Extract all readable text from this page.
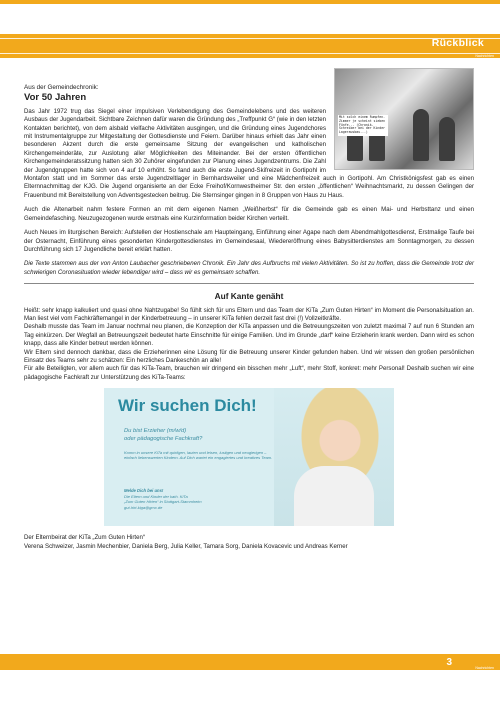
Rückblick
Nachrichten
Mit solch einem Rumpfen-Zimmer je scheint sieben Fünfe... (Chronik-Schreiber bei der Kinder Lagerausbau...)
Aus der Gemeindechronik:
Vor 50 Jahren

Das Jahr 1972 trug das Siegel einer impulsiven Verlebendigung des Gemeindelebens und des weiteren Ausbaus der Jugendarbeit. Sichtbare Zeichnen dafür waren die Gründung des „Treffpunkt G“ (wie in den letzten Kontakten berichtet), von dem alsbald vielfache Aktivitäten ausgingen, und die Gründung eines Jugendchores mit Instrumentalgruppe zur Mitgestaltung der Gottesdienste und Feiern. Darüber hinaus erhielt das Jahr einen besonderen Akzent durch die erste gemeinsame Sitzung der evangelischen und katholischen Kirchengemeinderäte, zur Auslotung aller Möglichkeiten des Miteinander. Bei der ersten öffentlichen Kirchengemeinderatssitzung hatten sich 30 Zuhörer eingefunden zur Planung eines Jugendzentrums. Die Zahl der Jugendgruppen hatte sich von 4 auf 10 erhöht. So fand auch die erste Jugend-Skifreizeit in Gortipohl im Montafon statt und im Sommer das erste Jugendzeltlager in Bernhardsweiler und eine Mädchenfreizeit auch in Gortipohl. Am Christkönigsfest gab es einen Elternnachmittag der KJG. Die Jugend organisierte an der Ecke Freihof/Kornwestheimer Str. den ersten „öffentlichen“ Weihnachtsmarkt, zu dessen Gelingen der Frauenbund mit Bereitstellung von Adventsgestecken beitrug. Die Sternsinger gingen in 8 Gruppen von Haus zu Haus.

Auch die Altenarbeit nahm festere Formen an mit dem eigenen Namen „Weißherbst“ für die Gemeinde gab es einen Mai- und Herbsttanz und einen Gemeindefasching. Neuzugezogenen wurde erstmals eine Kurzinformation beider Kirchen verteilt.

Auch Neues im liturgischen Bereich: Aufstellen der Hostienschale am Haupteingang, Einführung einer Agape nach dem Abendmahlgottesdienst, Erstmalige Taufe bei der Osternacht, Einführung eines gesonderten Kindergottesdienstes im Gemeindesaal, Wiedereröffnung eines Babysitterdienstes am Sonntagmorgen, zu dessen Durchführung sich 17 Jugendliche bereit erklärt hatten.

Die Texte stammen aus der von Anton Laubacher geschriebenen Chronik. Ein Jahr des Aufbruchs mit vielen Aktivitäten. So ist zu hoffen, dass die Gemeinde trotz der schwierigen Coronasituation wieder lebendiger wird – dass wir es gemeinsam schaffen.

Auf Kante genäht

Heißt: sehr knapp kalkuliert und quasi ohne Nahtzugabe! So fühlt sich für uns Eltern und das Team der KiTa „Zum Guten Hirten“ im Moment die Personalsituation an. Man liest viel vom Fachkräftemangel in der Kinderbetreuung – in unserer KiTa fehlen derzeit fast drei (!) Vollzeitkräfte.

Deshalb musste das Team im Januar nochmal neu planen, die Konzeption der KiTa anpassen und die Betreuungszeiten von zuletzt maximal 7 auf nun 6 Stunden am Tag einkürzen. Der Wegfall an Betreuungszeit bedeutet harte Einschnitte für einige Familien. Und im Grunde „darf“ keine Erzieherin krank werden. Dann wird es schon knapp, dass alle Kinder betreut werden können.

Wir Eltern sind dennoch dankbar, dass die Erzieherinnen eine Lösung für die Betreuung unserer Kinder gefunden haben. Und wir wissen den großen persönlichen Einsatz des Teams sehr zu schätzen: Ein herzliches Dankeschön an alle!

Für alle Beteiligten, vor allem auch für das KiTa-Team, brauchen wir dringend ein bisschen mehr „Luft“, mehr Stoff, konkret: mehr Personal! Deshalb suchen wir eine pädagogische Fachkraft zur Unterstützung des KiTa-Teams:

Wir suchen Dich!
Du bist Erzieher (m/w/d)
oder pädagogische Fachkraft?
Komm in unsere KiTa mit quirligen, lauten und leisen, lustigen und neugierigen – einfach liebenswerten Kindern. Auf Dich wartet ein engagiertes und kreatives Team.
Melde Dich bei uns!
Die Eltern und Kinder der kath. KiTa
„Zum Guten Hirten“ in Stuttgart-Stammheim
gut-hirt-kiga@gmx.de
Der Elternbeirat der KiTa „Zum Guten Hirten“
Verena Schweizer, Jasmin Mechenbier, Daniela Berg, Julia Keller, Tamara Sorg, Daniela Kovacevic und Andreas Kerner
3	Nachrichten
